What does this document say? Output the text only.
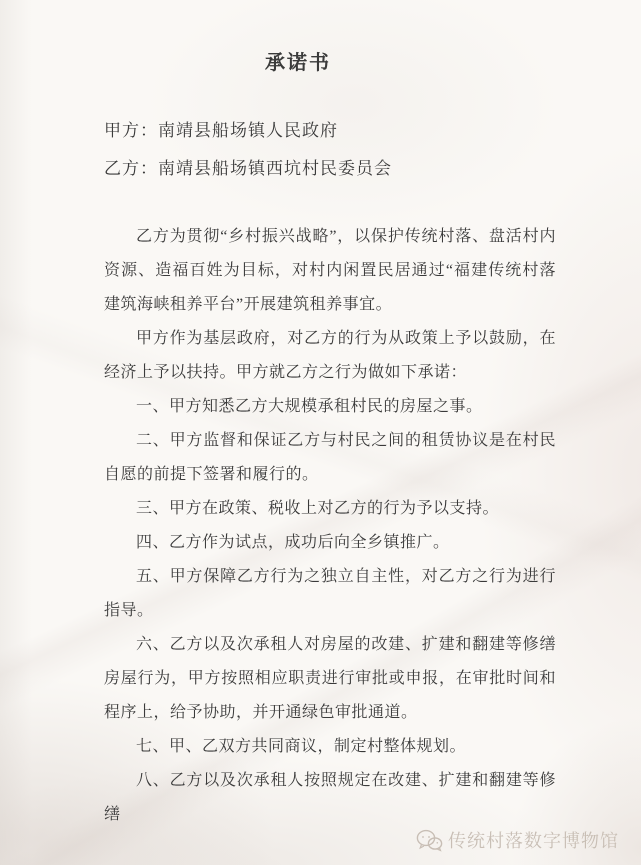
承诺书

甲方：南靖县船场镇人民政府

乙方：南靖县船场镇西坑村民委员会

乙方为贯彻“乡村振兴战略”，以保护传统村落、盘活村内资源、造福百姓为目标，对村内闲置民居通过“福建传统村落建筑海峡租养平台”开展建筑租养事宜。

甲方作为基层政府，对乙方的行为从政策上予以鼓励，在经济上予以扶持。甲方就乙方之行为做如下承诺：

一、甲方知悉乙方大规模承租村民的房屋之事。

二、甲方监督和保证乙方与村民之间的租赁协议是在村民自愿的前提下签署和履行的。

三、甲方在政策、税收上对乙方的行为予以支持。

四、乙方作为试点，成功后向全乡镇推广。

五、甲方保障乙方行为之独立自主性，对乙方之行为进行指导。

六、乙方以及次承租人对房屋的改建、扩建和翻建等修缮房屋行为，甲方按照相应职责进行审批或申报，在审批时间和程序上，给予协助，并开通绿色审批通道。

七、甲、乙双方共同商议，制定村整体规划。

八、乙方以及次承租人按照规定在改建、扩建和翻建等修缮

传统村落数字博物馆
